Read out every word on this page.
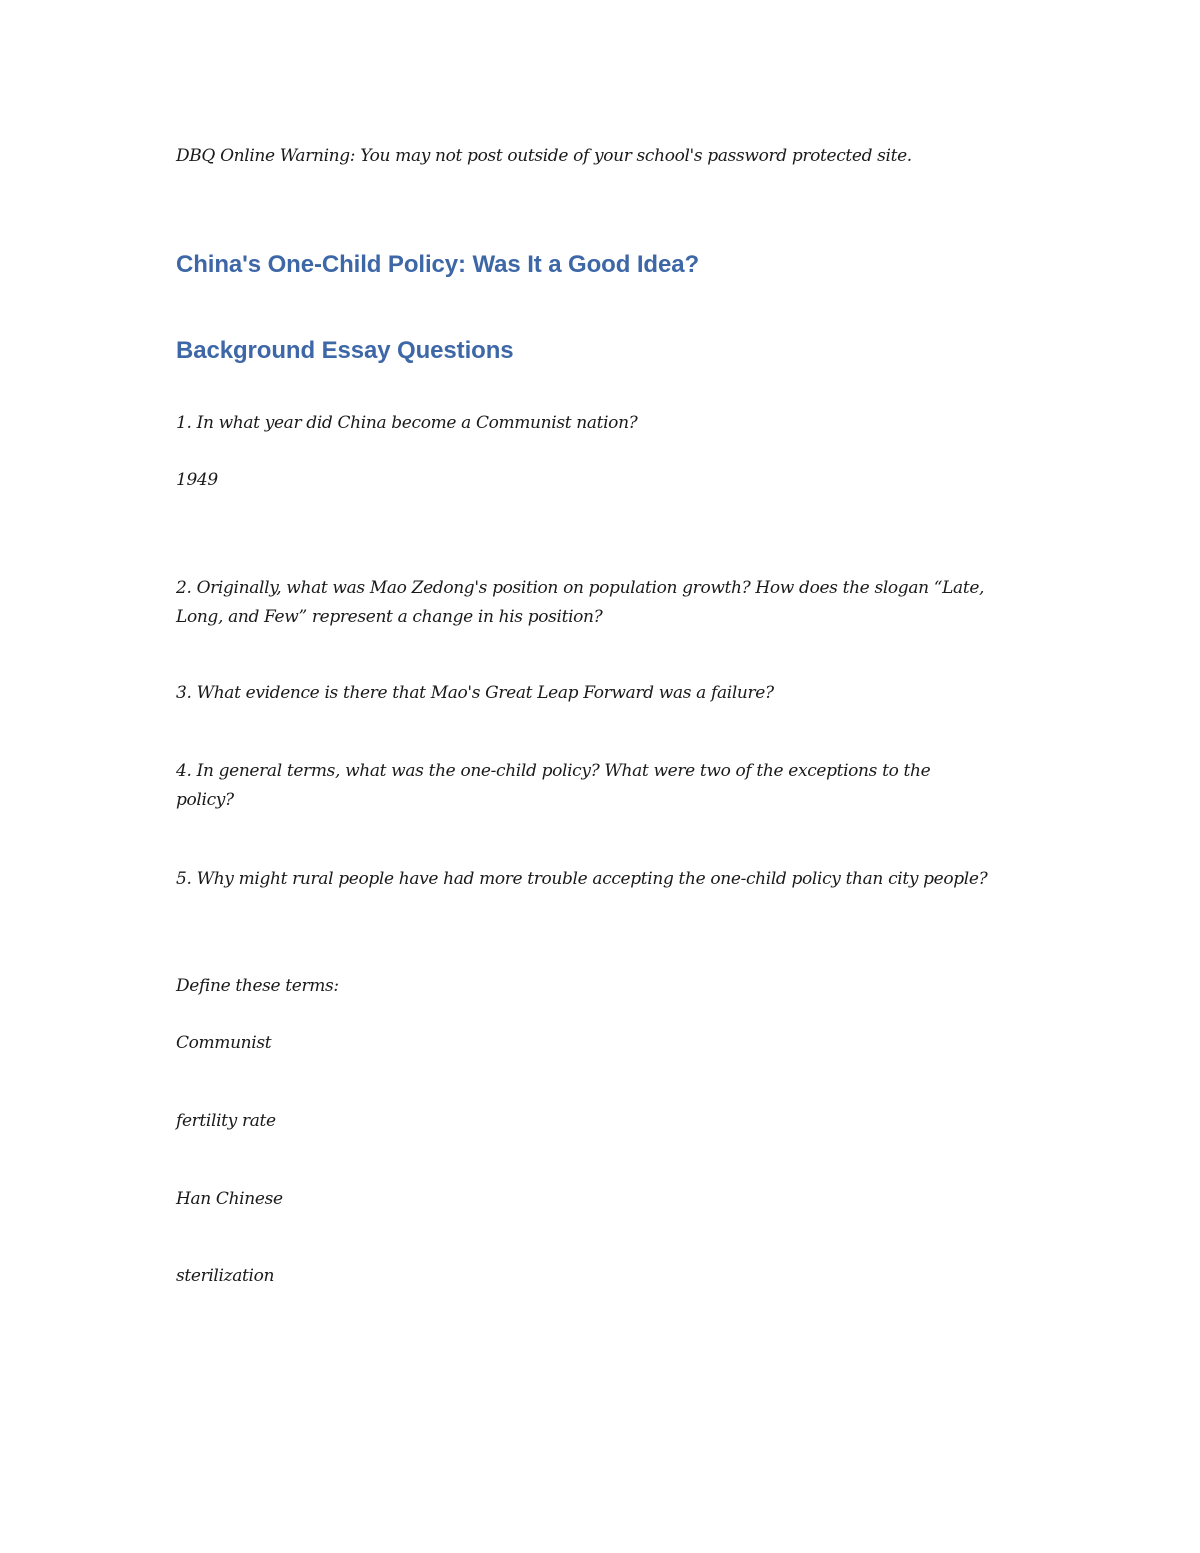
DBQ Online Warning: You may not post outside of your school's password protected site.

China's One-Child Policy: Was It a Good Idea?
Background Essay Questions

1. In what year did China become a Communist nation?

1949

2. Originally, what was Mao Zedong's position on population growth? How does the slogan “Late, Long, and Few” represent a change in his position?

3. What evidence is there that Mao's Great Leap Forward was a failure?

4. In general terms, what was the one-child policy? What were two of the exceptions to the policy?

5. Why might rural people have had more trouble accepting the one-child policy than city people?

Define these terms:

Communist

fertility rate

Han Chinese

sterilization
